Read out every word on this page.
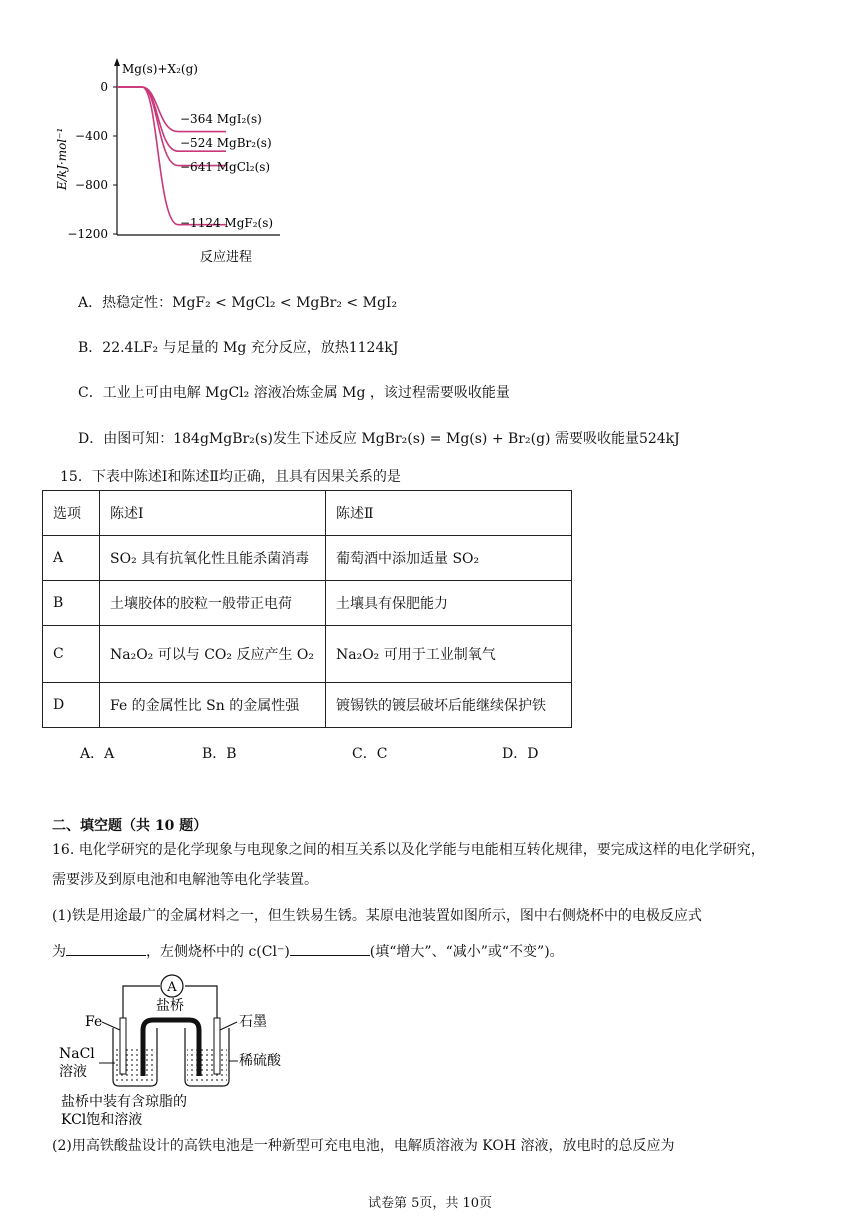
0
−400
−800
−1200
Mg(s)+X₂(g)
E/kJ·mol⁻¹
反应进程
−364 MgI₂(s)
−524 MgBr₂(s)
−641 MgCl₂(s)
−1124 MgF₂(s)
A．热稳定性：MgF₂ < MgCl₂ < MgBr₂ < MgI₂
B．22.4LF₂ 与足量的 Mg 充分反应，放热1124kJ
C．工业上可由电解 MgCl₂ 溶液冶炼金属 Mg ，该过程需要吸收能量
D．由图可知：184gMgBr₂(s)发生下述反应 MgBr₂(s) = Mg(s) + Br₂(g) 需要吸收能量524kJ
15．下表中陈述Ⅰ和陈述Ⅱ均正确，且具有因果关系的是
选项	陈述Ⅰ	陈述Ⅱ
A	SO₂ 具有抗氧化性且能杀菌消毒	葡萄酒中添加适量 SO₂
B	土壤胶体的胶粒一般带正电荷	土壤具有保肥能力
C	Na₂O₂ 可以与 CO₂ 反应产生 O₂	Na₂O₂ 可用于工业制氧气
D	Fe 的金属性比 Sn 的金属性强	镀锡铁的镀层破坏后能继续保护铁
A．A	B．B	C．C	D．D
二、填空题（共 10 题）
16. 电化学研究的是化学现象与电现象之间的相互关系以及化学能与电能相互转化规律，要完成这样的电化学研究，
需要涉及到原电池和电解池等电化学装置。
(1)铁是用途最广的金属材料之一，但生铁易生锈。某原电池装置如图所示，图中右侧烧杯中的电极反应式
为	，左侧烧杯中的 c(Cl⁻)	(填“增大”、“减小”或“不变”)。
A
盐桥
Fe	石墨
NaCl
溶液
稀硫酸
盐桥中装有含琼脂的
KCl饱和溶液
(2)用高铁酸盐设计的高铁电池是一种新型可充电电池，电解质溶液为 KOH 溶液，放电时的总反应为
试卷第 5页，共 10页
